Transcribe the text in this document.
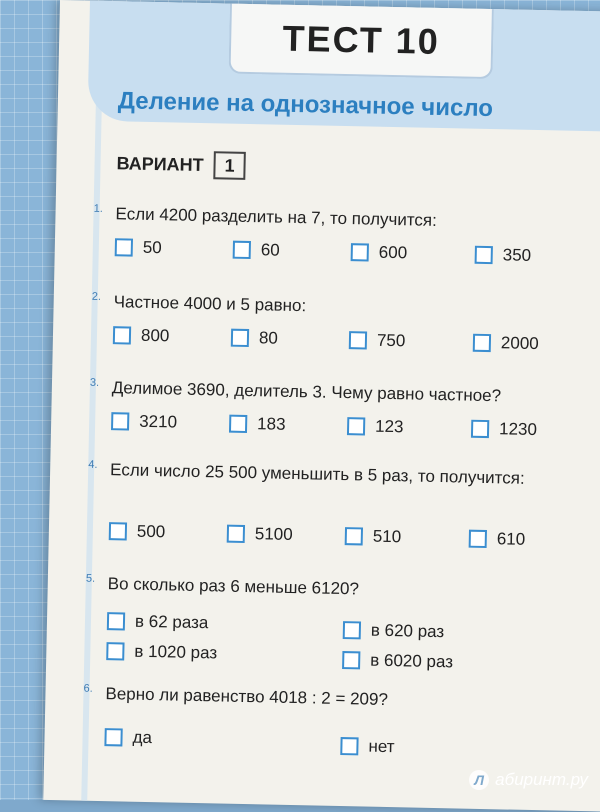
ТЕСТ 10
Деление на однозначное число
ВАРИАНТ	1
1. Если 4200 разделить на 7, то получится:
50	60	600	350
2. Частное 4000 и 5 равно:
800	80	750	2000
3. Делимое 3690, делитель 3. Чему равно частное?
3210	183	123	1230
4. Если число 25 500 уменьшить в 5 раз, то получится:
500	5100	510	610
5. Во сколько раз 6 меньше 6120?
в 62 раза	в 620 раз
в 1020 раз	в 6020 раз
6. Верно ли равенство 4018 : 2 = 209?
да	нет
Л абиринт.ру
